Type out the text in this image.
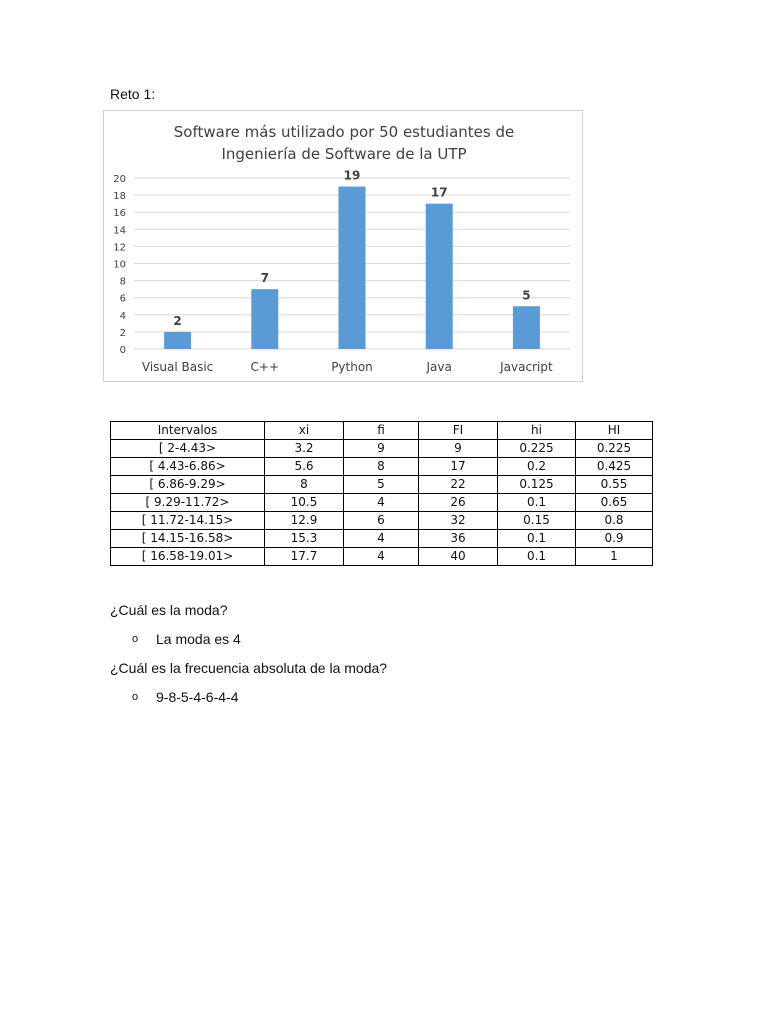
Reto 1:
Software más utilizado por 50 estudiantes de
Ingeniería de Software de la UTP
0
2
4
6
8
10
12
14
16
18
20
2
7
19
17
5
Visual Basic	C++	Python	Java	Javacript
Intervalos	xi	fi	FI	hi	HI
[ 2-4.43>	3.2	9	9	0.225	0.225
[ 4.43-6.86>	5.6	8	17	0.2	0.425
[ 6.86-9.29>	8	5	22	0.125	0.55
[ 9.29-11.72>	10.5	4	26	0.1	0.65
[ 11.72-14.15>	12.9	6	32	0.15	0.8
[ 14.15-16.58>	15.3	4	36	0.1	0.9
[ 16.58-19.01>	17.7	4	40	0.1	1

¿Cuál es la moda?

o La moda es 4

¿Cuál es la frecuencia absoluta de la moda?

o 9-8-5-4-6-4-4
